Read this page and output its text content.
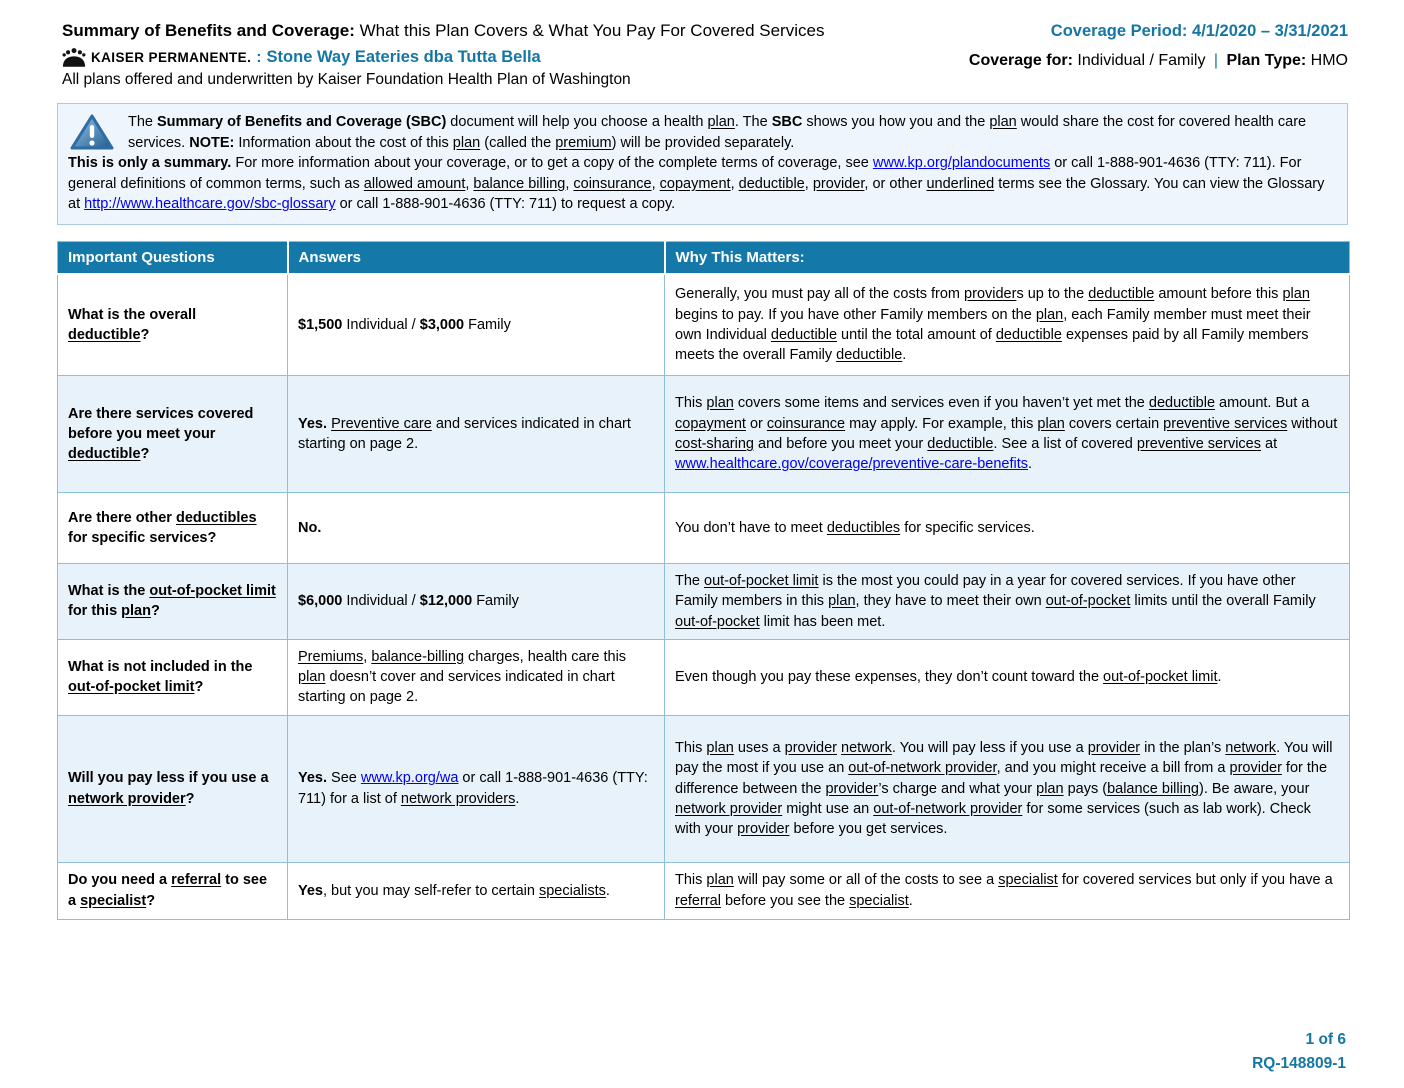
Summary of Benefits and Coverage: What this Plan Covers & What You Pay For Covered Services
KAISER PERMANENTE. : Stone Way Eateries dba Tutta Bella
All plans offered and underwritten by Kaiser Foundation Health Plan of Washington
Coverage Period: 4/1/2020 – 3/31/2021
Coverage for: Individual / Family | Plan Type: HMO

The Summary of Benefits and Coverage (SBC) document will help you choose a health plan. The SBC shows you how you and the plan would share the cost for covered health care services. NOTE: Information about the cost of this plan (called the premium) will be provided separately.

This is only a summary. For more information about your coverage, or to get a copy of the complete terms of coverage, see www.kp.org/plandocuments or call 1-888-901-4636 (TTY: 711). For general definitions of common terms, such as allowed amount, balance billing, coinsurance, copayment, deductible, provider, or other underlined terms see the Glossary. You can view the Glossary at http://www.healthcare.gov/sbc-glossary or call 1-888-901-4636 (TTY: 711) to request a copy.

Important Questions	Answers	Why This Matters:
What is the overall deductible?	$1,500 Individual / $3,000 Family	Generally, you must pay all of the costs from providers up to the deductible amount before this plan begins to pay. If you have other Family members on the plan, each Family member must meet their own Individual deductible until the total amount of deductible expenses paid by all Family members meets the overall Family deductible.
Are there services covered before you meet your deductible?	Yes. Preventive care and services indicated in chart starting on page 2.	This plan covers some items and services even if you haven’t yet met the deductible amount. But a copayment or coinsurance may apply. For example, this plan covers certain preventive services without cost-sharing and before you meet your deductible. See a list of covered preventive services at www.healthcare.gov/coverage/preventive-care-benefits.
Are there other deductibles for specific services?	No.	You don’t have to meet deductibles for specific services.
What is the out-of-pocket limit for this plan?	$6,000 Individual / $12,000 Family	The out-of-pocket limit is the most you could pay in a year for covered services. If you have other Family members in this plan, they have to meet their own out-of-pocket limits until the overall Family out-of-pocket limit has been met.
What is not included in the out-of-pocket limit?	Premiums, balance-billing charges, health care this plan doesn’t cover and services indicated in chart starting on page 2.	Even though you pay these expenses, they don’t count toward the out-of-pocket limit.
Will you pay less if you use a network provider?	Yes. See www.kp.org/wa or call 1-888-901-4636 (TTY: 711) for a list of network providers.	This plan uses a provider network. You will pay less if you use a provider in the plan’s network. You will pay the most if you use an out-of-network provider, and you might receive a bill from a provider for the difference between the provider’s charge and what your plan pays (balance billing). Be aware, your network provider might use an out-of-network provider for some services (such as lab work). Check with your provider before you get services.
Do you need a referral to see a specialist?	Yes, but you may self-refer to certain specialists.	This plan will pay some or all of the costs to see a specialist for covered services but only if you have a referral before you see the specialist.
1 of 6
RQ-148809-1
